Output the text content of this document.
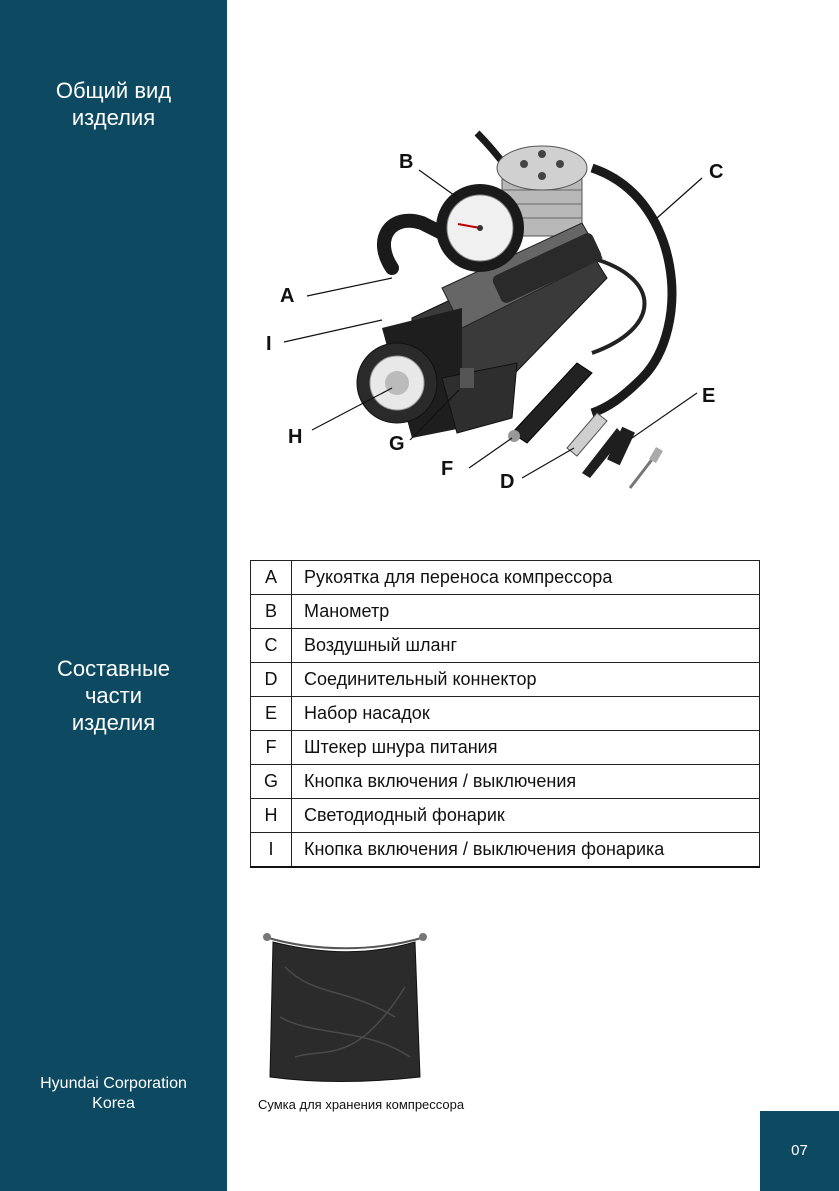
Общий вид
изделия
Составные
части
изделия
Hyundai Corporation
Korea
B	C
A
I
H	G
F
D
E
A	Рукоятка для переноса компрессора
B	Манометр
C	Воздушный шланг
D	Соединительный коннектор
E	Набор насадок
F	Штекер шнура питания
G	Кнопка включения / выключения
H	Светодиодный фонарик
I	Кнопка включения / выключения фонарика
Сумка для хранения компрессора
07
